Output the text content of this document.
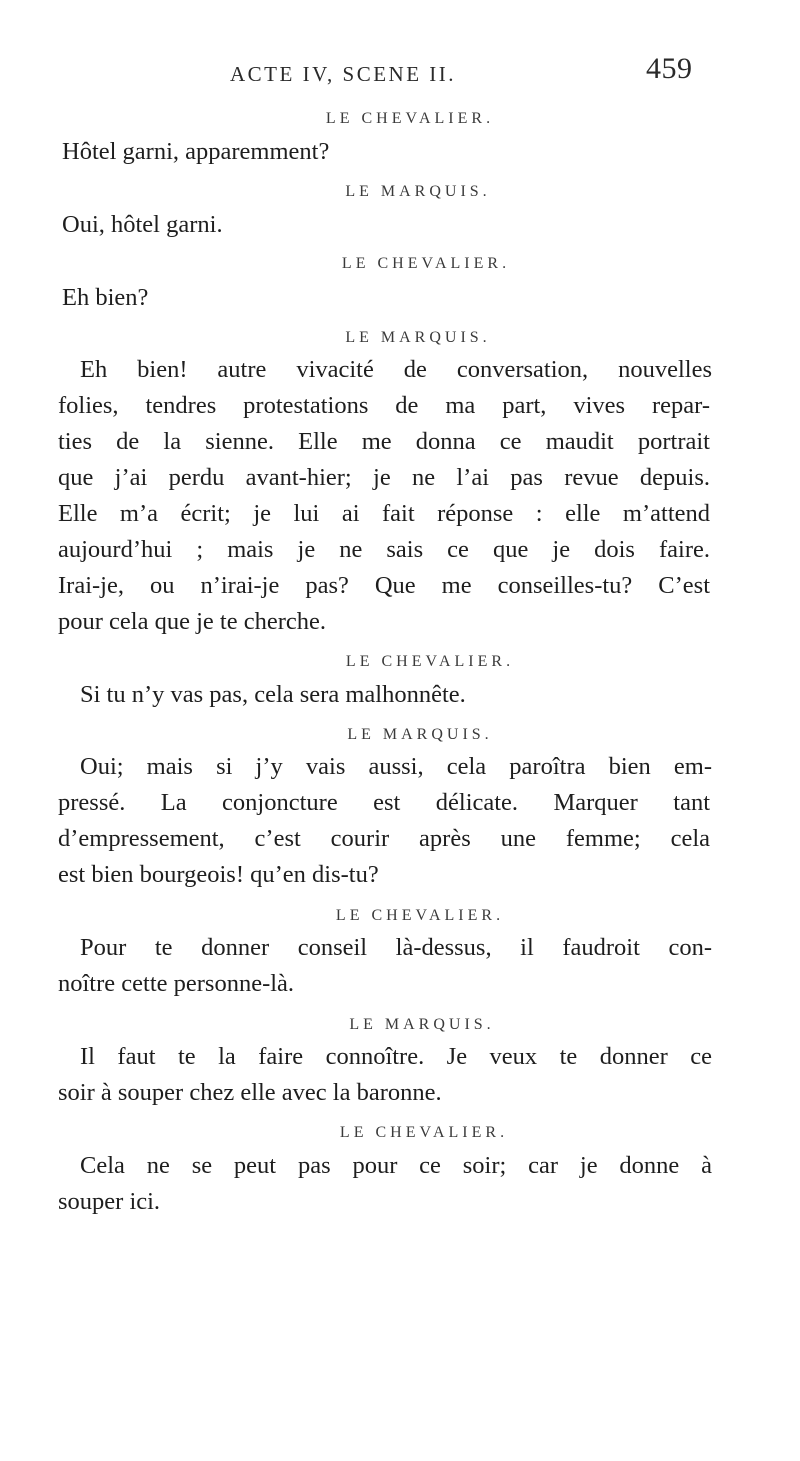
ACTE IV, SCENE II.	459
LE CHEVALIER.
Hôtel garni, apparemment?
LE MARQUIS.
Oui, hôtel garni.
LE CHEVALIER.
Eh bien?
LE MARQUIS.
Eh bien! autre vivacité de conversation, nouvelles
folies, tendres protestations de ma part, vives repar-
ties de la sienne. Elle me donna ce maudit portrait
que j’ai perdu avant-hier; je ne l’ai pas revue depuis.
Elle m’a écrit; je lui ai fait réponse : elle m’attend
aujourd’hui ; mais je ne sais ce que je dois faire.
Irai-je, ou n’irai-je pas? Que me conseilles-tu? C’est
pour cela que je te cherche.
LE CHEVALIER.
Si tu n’y vas pas, cela sera malhonnête.
LE MARQUIS.
Oui; mais si j’y vais aussi, cela paroîtra bien em-
pressé. La conjoncture est délicate. Marquer tant
d’empressement, c’est courir après une femme; cela
est bien bourgeois! qu’en dis-tu?
LE CHEVALIER.
Pour te donner conseil là-dessus, il faudroit con-
noître cette personne-là.
LE MARQUIS.
Il faut te la faire connoître. Je veux te donner ce
soir à souper chez elle avec la baronne.
LE CHEVALIER.
Cela ne se peut pas pour ce soir; car je donne à
souper ici.
